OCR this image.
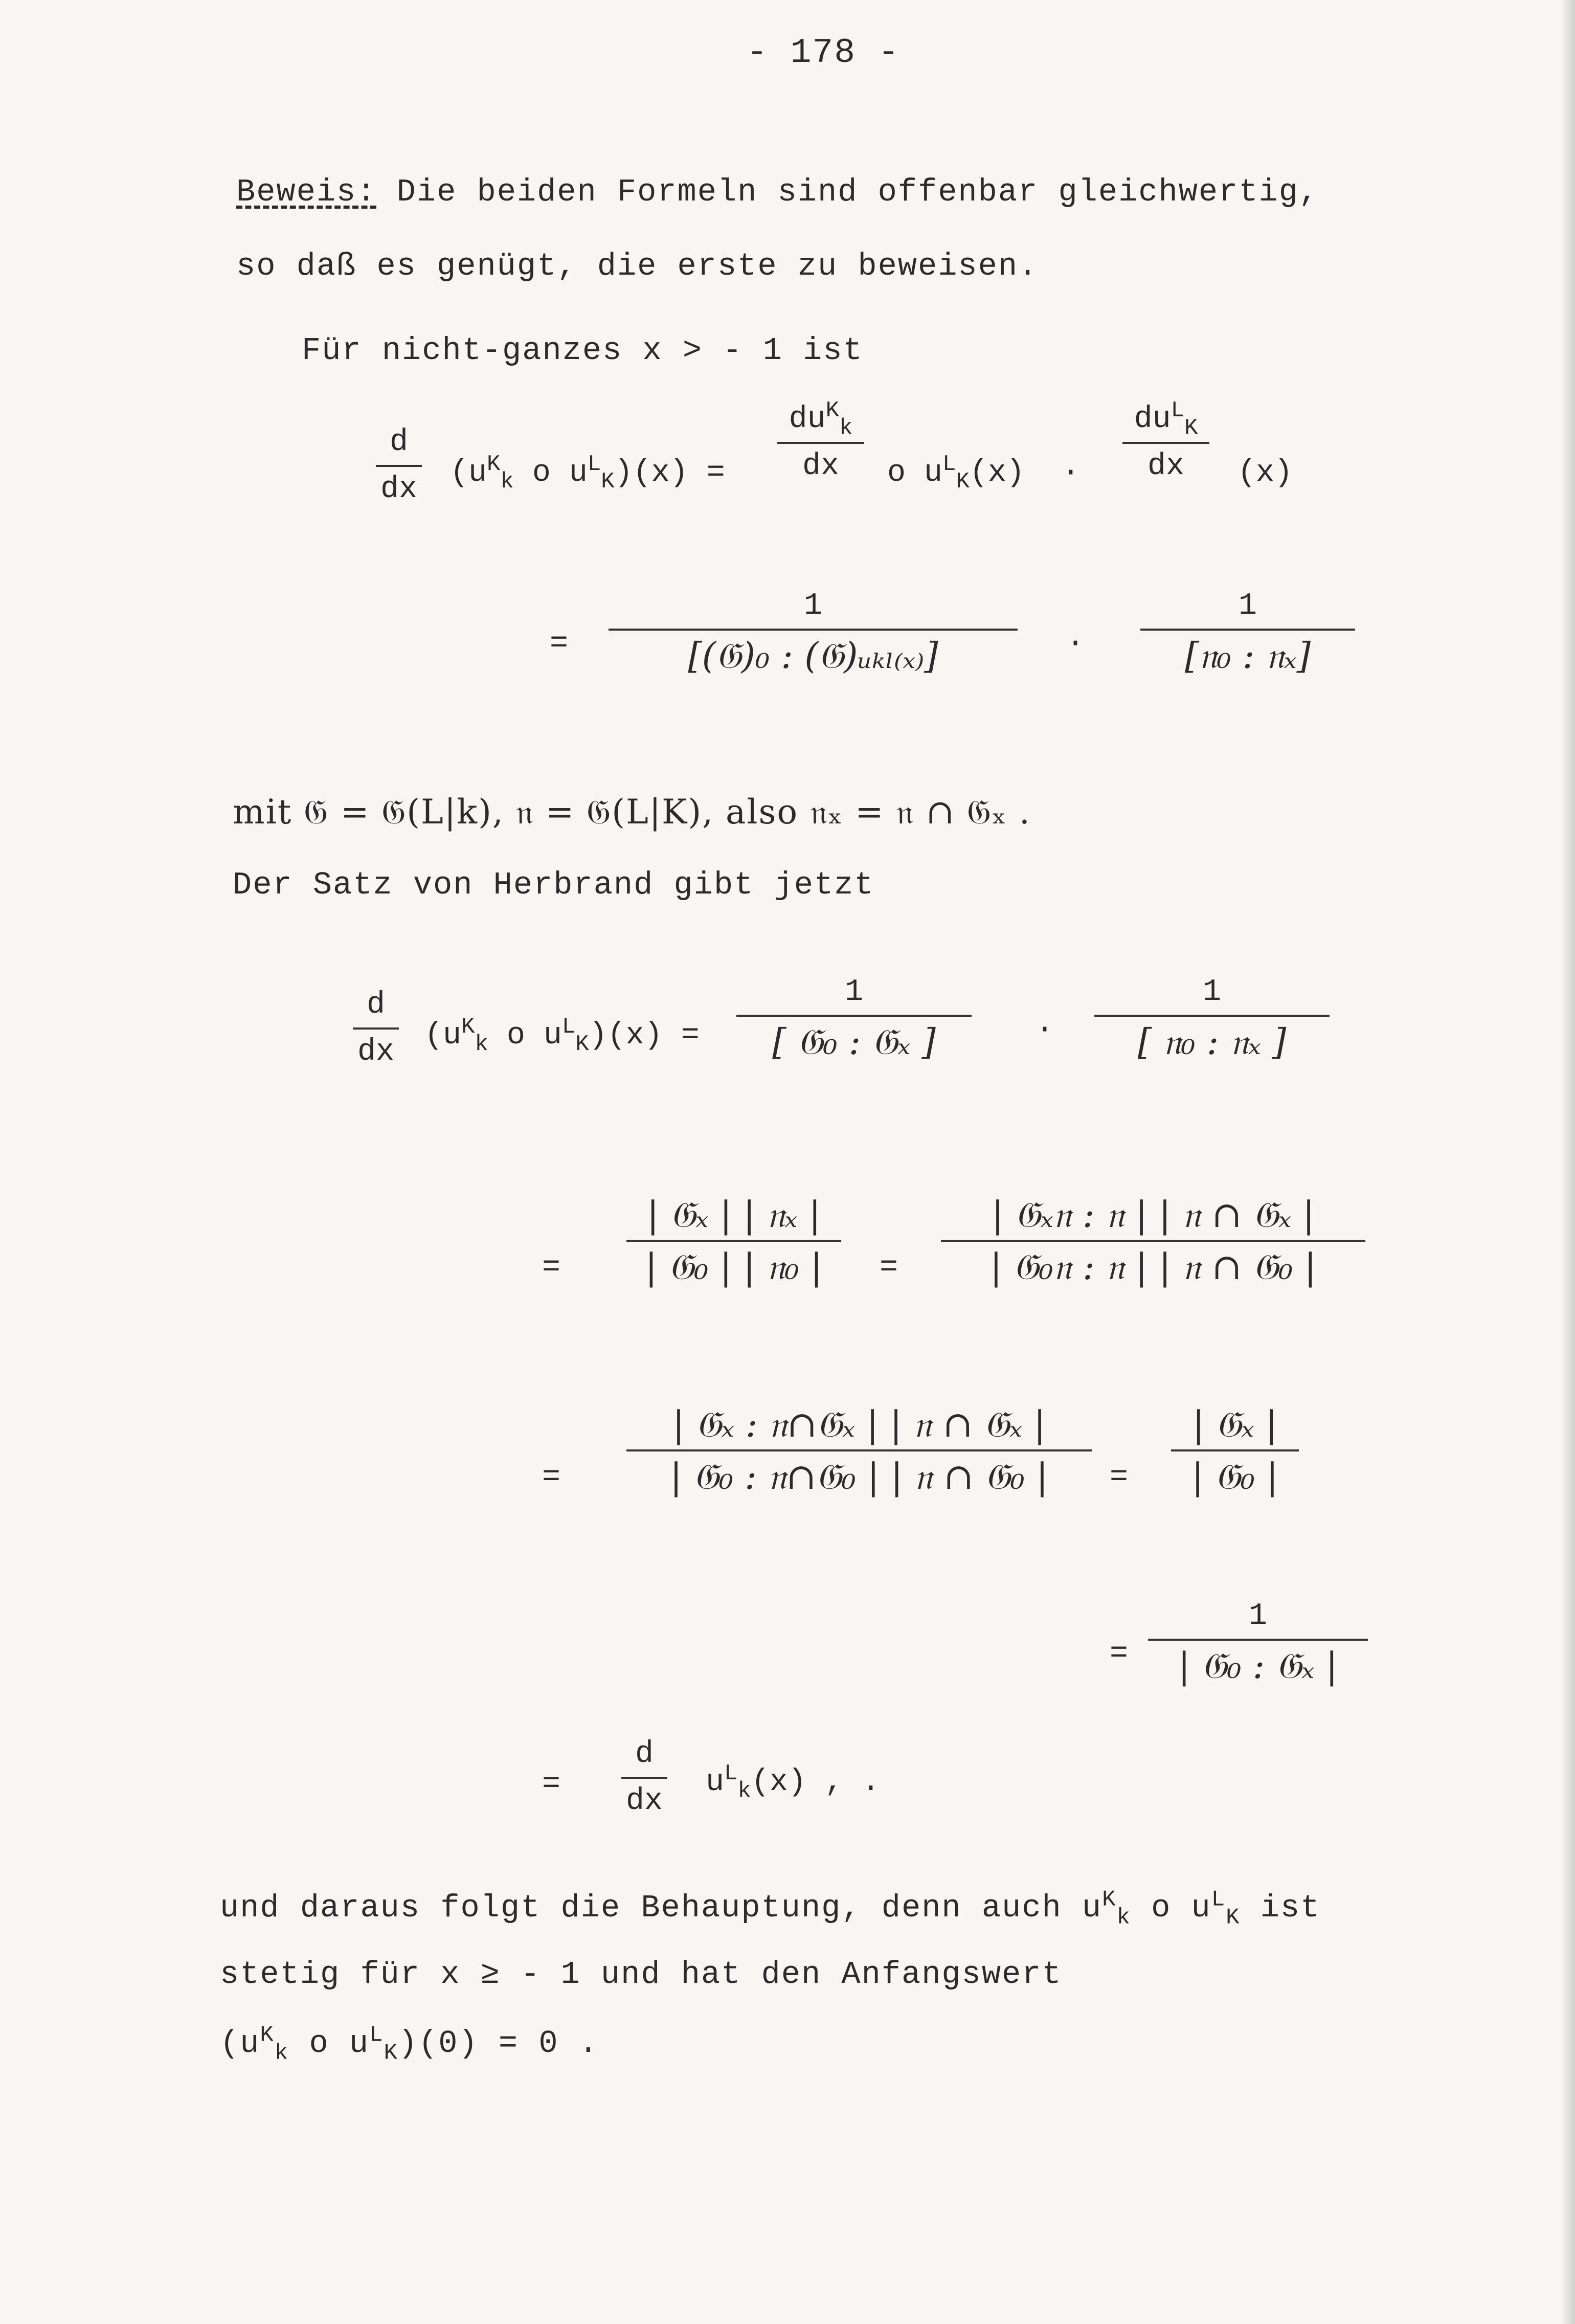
- 178 -
Beweis: Die beiden Formeln sind offenbar gleichwertig,
so daß es genügt, die erste zu beweisen.
Für nicht-ganzes x > - 1 ist
d
dx ($u^K_k$ o $u^L_K)(x)$ =
$du^K_k$
dx	o $u^L_K(x)$  ·
$du^L_K$
dx	(x)
=
1
[(𝔊)₀ : (𝔊)ᵤₖₗ₍ₓ₎]	·
1
[𝔫₀ : 𝔫ₓ]
mit 𝔊 = 𝔊(L|k), 𝔫 = 𝔊(L|K), also 𝔫ₓ = 𝔫 ∩ 𝔊ₓ .
Der Satz von Herbrand gibt jetzt
d
dx ($u^K_k$ o $u^L_K)(x)$ =
1
[ 𝔊₀ : 𝔊ₓ ]	·
1
[ 𝔫₀ : 𝔫ₓ ]
=
| 𝔊ₓ | | 𝔫ₓ |
| 𝔊₀ | | 𝔫₀ |	=
| 𝔊ₓ𝔫 : 𝔫 | | 𝔫 ∩ 𝔊ₓ |
| 𝔊₀𝔫 : 𝔫 | | 𝔫 ∩ 𝔊₀ |
=
| 𝔊ₓ : 𝔫∩𝔊ₓ | | 𝔫 ∩ 𝔊ₓ |
| 𝔊₀ : 𝔫∩𝔊₀ | | 𝔫 ∩ 𝔊₀ |	=
| 𝔊ₓ |
| 𝔊₀ |
=
1
| 𝔊₀ : 𝔊ₓ |
=
d
dx
$u^L_k(x)$ , .
und daraus folgt die Behauptung, denn auch $u^K_k$ o $u^L_K$ ist
stetig für x ≥ - 1 und hat den Anfangswert
($u^K_k$ o $u^L_K)(0) = 0$ .
